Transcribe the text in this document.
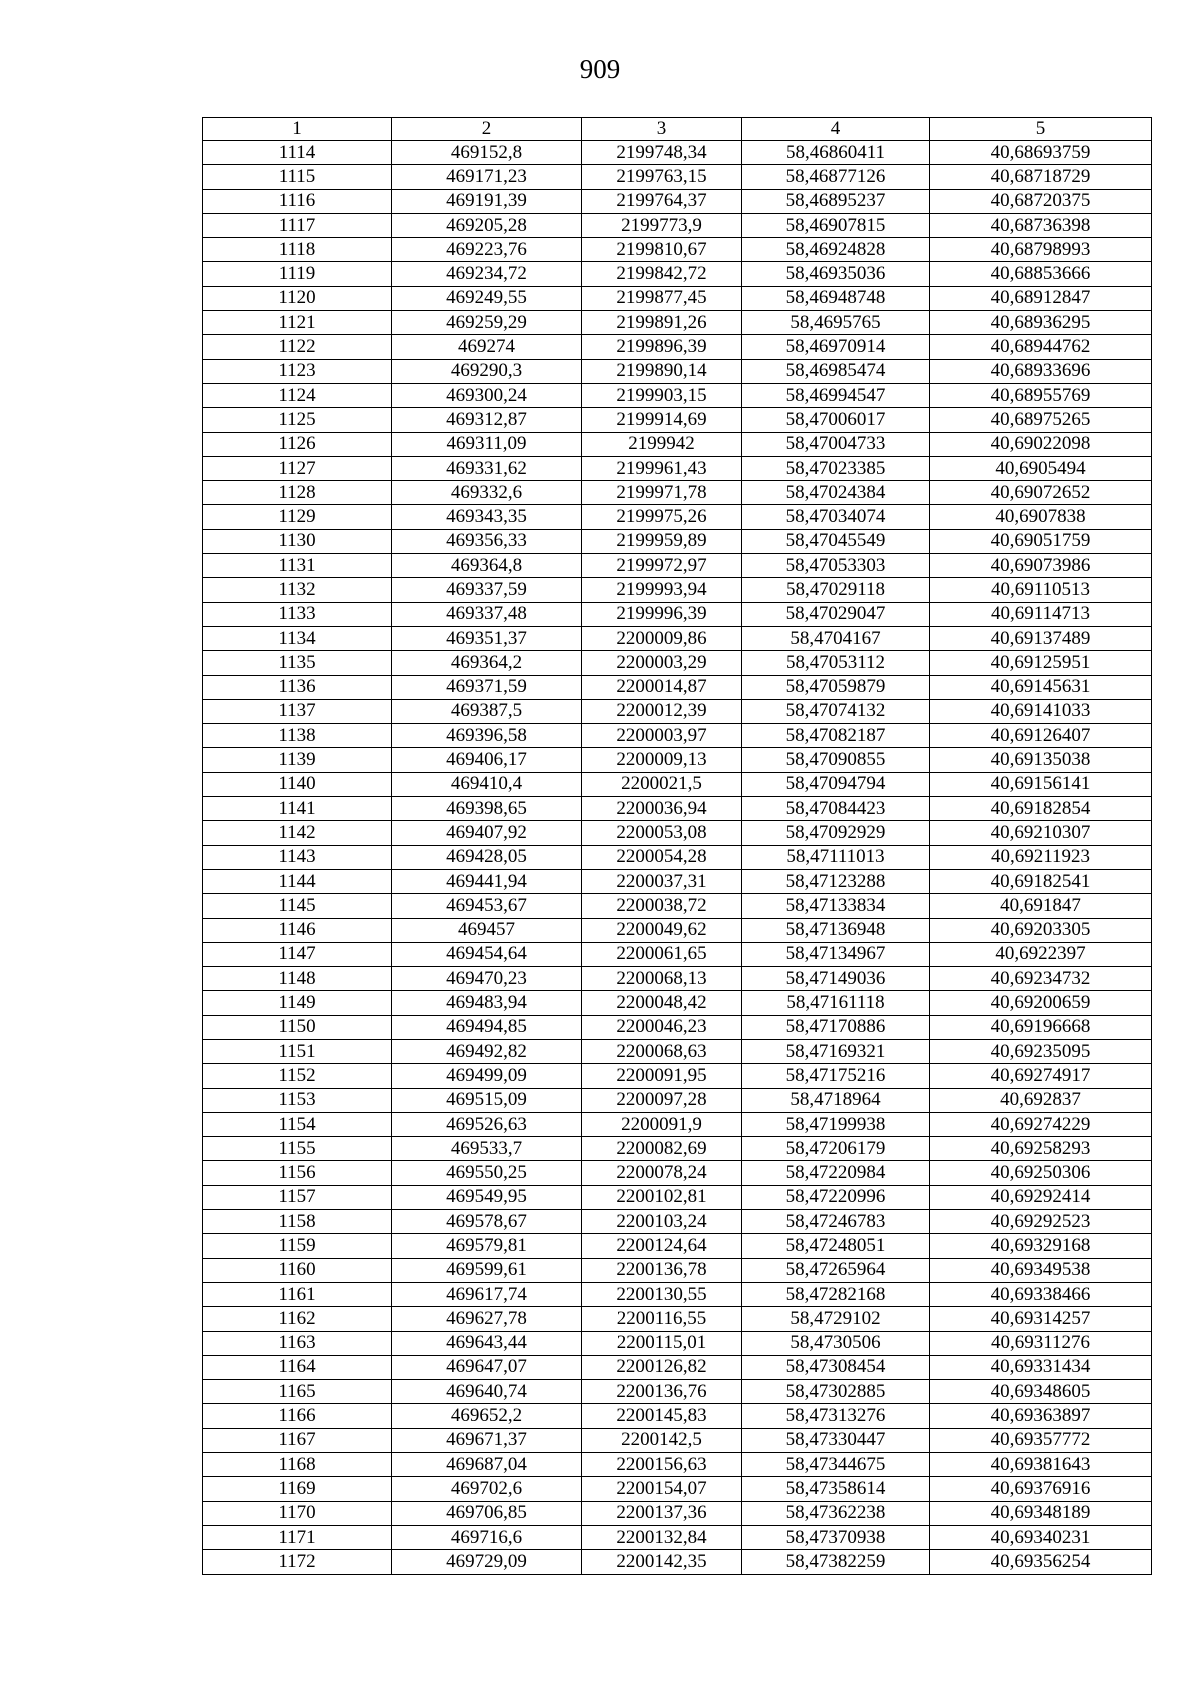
909
1	2	3	4	5
1114	469152,8	2199748,34	58,46860411	40,68693759
1115	469171,23	2199763,15	58,46877126	40,68718729
1116	469191,39	2199764,37	58,46895237	40,68720375
1117	469205,28	2199773,9	58,46907815	40,68736398
1118	469223,76	2199810,67	58,46924828	40,68798993
1119	469234,72	2199842,72	58,46935036	40,68853666
1120	469249,55	2199877,45	58,46948748	40,68912847
1121	469259,29	2199891,26	58,4695765	40,68936295
1122	469274	2199896,39	58,46970914	40,68944762
1123	469290,3	2199890,14	58,46985474	40,68933696
1124	469300,24	2199903,15	58,46994547	40,68955769
1125	469312,87	2199914,69	58,47006017	40,68975265
1126	469311,09	2199942	58,47004733	40,69022098
1127	469331,62	2199961,43	58,47023385	40,6905494
1128	469332,6	2199971,78	58,47024384	40,69072652
1129	469343,35	2199975,26	58,47034074	40,6907838
1130	469356,33	2199959,89	58,47045549	40,69051759
1131	469364,8	2199972,97	58,47053303	40,69073986
1132	469337,59	2199993,94	58,47029118	40,69110513
1133	469337,48	2199996,39	58,47029047	40,69114713
1134	469351,37	2200009,86	58,4704167	40,69137489
1135	469364,2	2200003,29	58,47053112	40,69125951
1136	469371,59	2200014,87	58,47059879	40,69145631
1137	469387,5	2200012,39	58,47074132	40,69141033
1138	469396,58	2200003,97	58,47082187	40,69126407
1139	469406,17	2200009,13	58,47090855	40,69135038
1140	469410,4	2200021,5	58,47094794	40,69156141
1141	469398,65	2200036,94	58,47084423	40,69182854
1142	469407,92	2200053,08	58,47092929	40,69210307
1143	469428,05	2200054,28	58,47111013	40,69211923
1144	469441,94	2200037,31	58,47123288	40,69182541
1145	469453,67	2200038,72	58,47133834	40,691847
1146	469457	2200049,62	58,47136948	40,69203305
1147	469454,64	2200061,65	58,47134967	40,6922397
1148	469470,23	2200068,13	58,47149036	40,69234732
1149	469483,94	2200048,42	58,47161118	40,69200659
1150	469494,85	2200046,23	58,47170886	40,69196668
1151	469492,82	2200068,63	58,47169321	40,69235095
1152	469499,09	2200091,95	58,47175216	40,69274917
1153	469515,09	2200097,28	58,4718964	40,692837
1154	469526,63	2200091,9	58,47199938	40,69274229
1155	469533,7	2200082,69	58,47206179	40,69258293
1156	469550,25	2200078,24	58,47220984	40,69250306
1157	469549,95	2200102,81	58,47220996	40,69292414
1158	469578,67	2200103,24	58,47246783	40,69292523
1159	469579,81	2200124,64	58,47248051	40,69329168
1160	469599,61	2200136,78	58,47265964	40,69349538
1161	469617,74	2200130,55	58,47282168	40,69338466
1162	469627,78	2200116,55	58,4729102	40,69314257
1163	469643,44	2200115,01	58,4730506	40,69311276
1164	469647,07	2200126,82	58,47308454	40,69331434
1165	469640,74	2200136,76	58,47302885	40,69348605
1166	469652,2	2200145,83	58,47313276	40,69363897
1167	469671,37	2200142,5	58,47330447	40,69357772
1168	469687,04	2200156,63	58,47344675	40,69381643
1169	469702,6	2200154,07	58,47358614	40,69376916
1170	469706,85	2200137,36	58,47362238	40,69348189
1171	469716,6	2200132,84	58,47370938	40,69340231
1172	469729,09	2200142,35	58,47382259	40,69356254
